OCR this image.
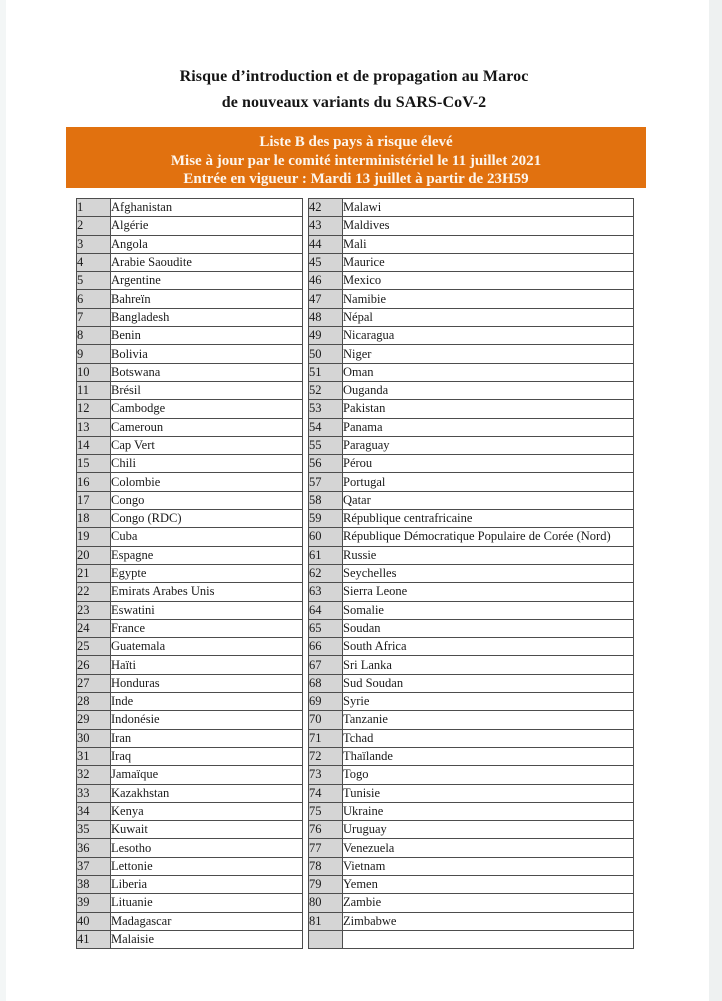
Risque d’introduction et de propagation au Maroc
de nouveaux variants du SARS-CoV-2
Liste B des pays à risque élevé
Mise à jour par le comité interministériel le 11 juillet 2021
Entrée en vigueur : Mardi 13 juillet à partir de 23H59
1	Afghanistan
2	Algérie
3	Angola
4	Arabie Saoudite
5	Argentine
6	Bahreïn
7	Bangladesh
8	Benin
9	Bolivia
10	Botswana
11	Brésil
12	Cambodge
13	Cameroun
14	Cap Vert
15	Chili
16	Colombie
17	Congo
18	Congo (RDC)
19	Cuba
20	Espagne
21	Egypte
22	Emirats Arabes Unis
23	Eswatini
24	France
25	Guatemala
26	Haïti
27	Honduras
28	Inde
29	Indonésie
30	Iran
31	Iraq
32	Jamaïque
33	Kazakhstan
34	Kenya
35	Kuwait
36	Lesotho
37	Lettonie
38	Liberia
39	Lituanie
40	Madagascar
41	Malaisie
42	Malawi
43	Maldives
44	Mali
45	Maurice
46	Mexico
47	Namibie
48	Népal
49	Nicaragua
50	Niger
51	Oman
52	Ouganda
53	Pakistan
54	Panama
55	Paraguay
56	Pérou
57	Portugal
58	Qatar
59	République centrafricaine
60	République Démocratique Populaire de Corée (Nord)
61	Russie
62	Seychelles
63	Sierra Leone
64	Somalie
65	Soudan
66	South Africa
67	Sri Lanka
68	Sud Soudan
69	Syrie
70	Tanzanie
71	Tchad
72	Thaïlande
73	Togo
74	Tunisie
75	Ukraine
76	Uruguay
77	Venezuela
78	Vietnam
79	Yemen
80	Zambie
81	Zimbabwe
